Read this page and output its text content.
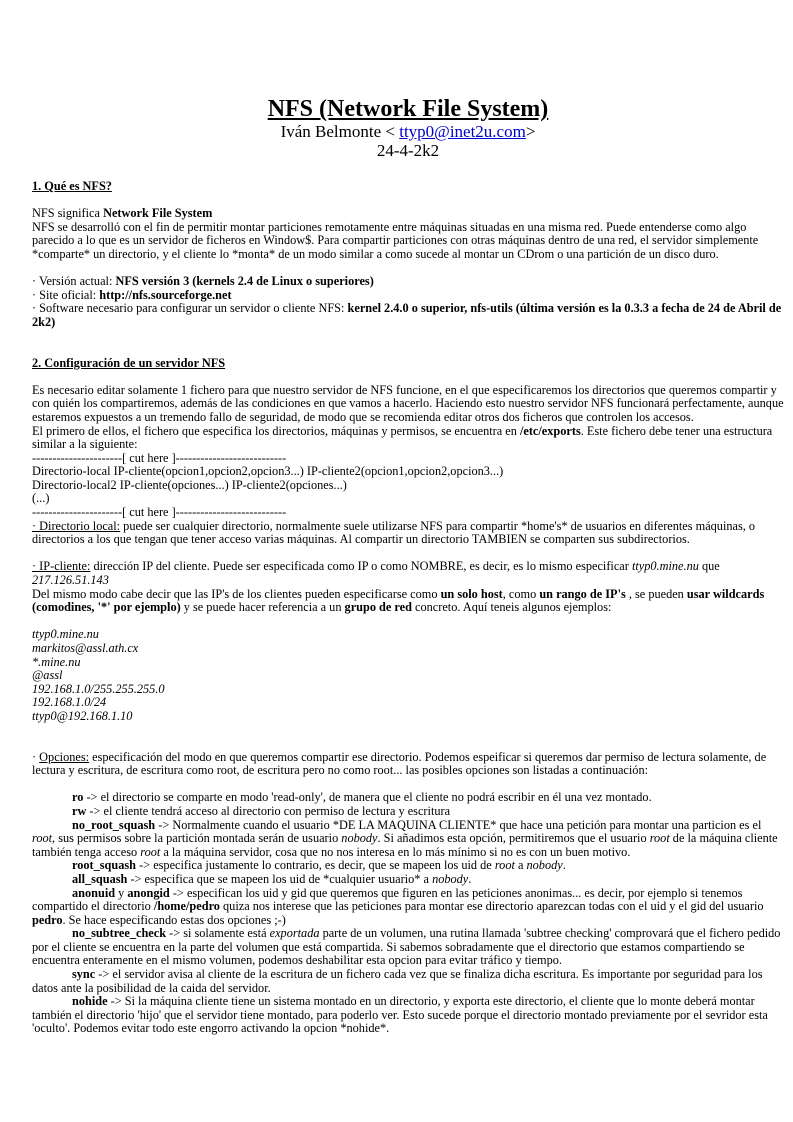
NFS (Network File System)
Iván Belmonte < ttyp0@inet2u.com>
24-4-2k2

1. Qué es NFS?

NFS significa Network File System

NFS se desarrolló con el fin de permitir montar particiones remotamente entre máquinas situadas en una misma red. Puede entenderse como algo parecido a lo que es un servidor de ficheros en Window$. Para compartir particiones con otras máquinas dentro de una red, el servidor simplemente *comparte* un directorio, y el cliente lo *monta* de un modo similar a como sucede al montar un CDrom o una partición de un disco duro.

· Versión actual: NFS versión 3 (kernels 2.4 de Linux o superiores)

· Site oficial: http://nfs.sourceforge.net

· Software necesario para configurar un servidor o cliente NFS: kernel 2.4.0 o superior, nfs-utils (última versión es la 0.3.3 a fecha de 24 de Abril de 2k2)

2. Configuración de un servidor NFS

Es necesario editar solamente 1 fichero para que nuestro servidor de NFS funcione, en el que especificaremos los directorios que queremos compartir y con quién los compartiremos, además de las condiciones en que vamos a hacerlo. Haciendo esto nuestro servidor NFS funcionará perfectamente, aunque estaremos expuestos a un tremendo fallo de seguridad, de modo que se recomienda editar otros dos ficheros que controlen los accesos.

El primero de ellos, el fichero que especifica los directorios, máquinas y permisos, se encuentra en /etc/exports. Este fichero debe tener una estructura similar a la siguiente:

----------------------[ cut here ]---------------------------

Directorio-local IP-cliente(opcion1,opcion2,opcion3...) IP-cliente2(opcion1,opcion2,opcion3...)

Directorio-local2 IP-cliente(opciones...) IP-cliente2(opciones...)

(...)

----------------------[ cut here ]---------------------------

· Directorio local: puede ser cualquier directorio, normalmente suele utilizarse NFS para compartir *home's* de usuarios en diferentes máquinas, o directorios a los que tengan que tener acceso varias máquinas. Al compartir un directorio TAMBIEN se comparten sus subdirectorios.

· IP-cliente: dirección IP del cliente. Puede ser especificada como IP o como NOMBRE, es decir, es lo mismo especificar ttyp0.mine.nu que 217.126.51.143

Del mismo modo cabe decir que las IP's de los clientes pueden especificarse como un solo host, como un rango de IP's , se pueden usar wildcards (comodines, '*' por ejemplo) y se puede hacer referencia a un grupo de red concreto. Aquí teneis algunos ejemplos:

ttyp0.mine.nu

markitos@assl.ath.cx

*.mine.nu

@assl

192.168.1.0/255.255.255.0

192.168.1.0/24

ttyp0@192.168.1.10

· Opciones: especificación del modo en que queremos compartir ese directorio. Podemos espeificar si queremos dar permiso de lectura solamente, de lectura y escritura, de escritura como root, de escritura pero no como root... las posibles opciones son listadas a continuación:

ro -> el directorio se comparte en modo 'read-only', de manera que el cliente no podrá escribir en él una vez montado.

rw -> el cliente tendrá acceso al directorio con permiso de lectura y escritura

no_root_squash -> Normalmente cuando el usuario *DE LA MAQUINA CLIENTE* que hace una petición para montar una particion es el root, sus permisos sobre la partición montada serán de usuario nobody. Si añadimos esta opción, permitiremos que el usuario root de la máquina cliente también tenga acceso root a la máquina servidor, cosa que no nos interesa en lo más mínimo si no es con un buen motivo.

root_squash -> especifica justamente lo contrario, es decir, que se mapeen los uid de root a nobody.

all_squash -> especifica que se mapeen los uid de *cualquier usuario* a nobody.

anonuid y anongid -> especifican los uid y gid que queremos que figuren en las peticiones anonimas... es decir, por ejemplo si tenemos compartido el directorio /home/pedro quiza nos interese que las peticiones para montar ese directorio aparezcan todas con el uid y el gid del usuario pedro. Se hace especificando estas dos opciones ;-)

no_subtree_check -> si solamente está exportada parte de un volumen, una rutina llamada 'subtree checking' comprovará que el fichero pedido por el cliente se encuentra en la parte del volumen que está compartida. Si sabemos sobradamente que el directorio que estamos compartiendo se encuentra enteramente en el mismo volumen, podemos deshabilitar esta opcion para evitar tráfico y tiempo.

sync -> el servidor avisa al cliente de la escritura de un fichero cada vez que se finaliza dicha escritura. Es importante por seguridad para los datos ante la posibilidad de la caida del servidor.

nohide -> Si la máquina cliente tiene un sistema montado en un directorio, y exporta este directorio, el cliente que lo monte deberá montar también el directorio 'hijo' que el servidor tiene montado, para poderlo ver. Esto sucede porque el directorio montado previamente por el sevridor esta 'oculto'. Podemos evitar todo este engorro activando la opcion *nohide*.
